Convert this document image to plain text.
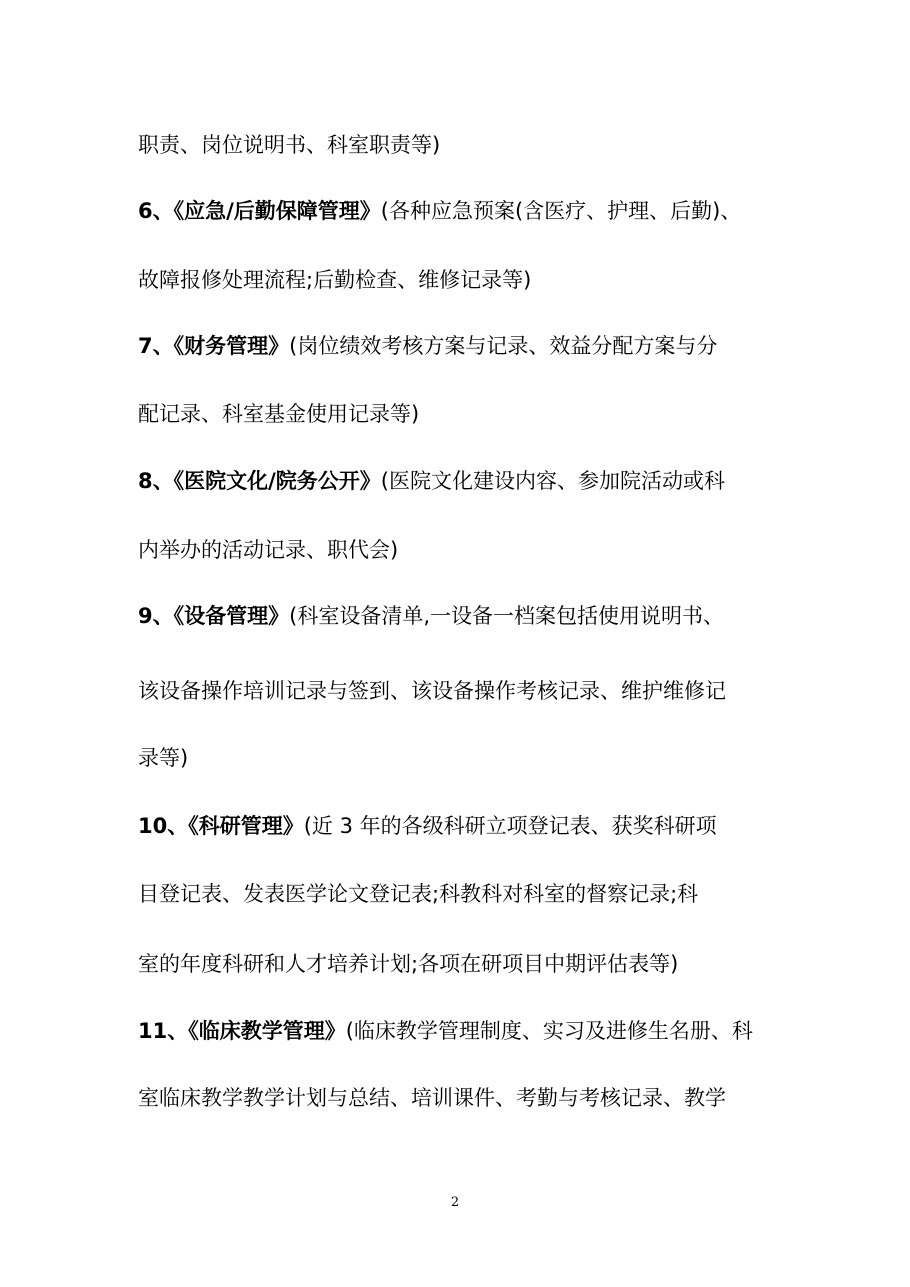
职责、岗位说明书、科室职责等)
6、《应急/后勤保障管理》(各种应急预案(含医疗、护理、后勤)、
故障报修处理流程;后勤检查、维修记录等)
7、《财务管理》(岗位绩效考核方案与记录、效益分配方案与分
配记录、科室基金使用记录等)
8、《医院文化/院务公开》(医院文化建设内容、参加院活动或科
内举办的活动记录、职代会)
9、《设备管理》(科室设备清单,一设备一档案包括使用说明书、
该设备操作培训记录与签到、该设备操作考核记录、维护维修记
录等)
10、《科研管理》(近 3 年的各级科研立项登记表、获奖科研项
目登记表、发表医学论文登记表;科教科对科室的督察记录;科
室的年度科研和人才培养计划;各项在研项目中期评估表等)
11、《临床教学管理》(临床教学管理制度、实习及进修生名册、科
室临床教学教学计划与总结、培训课件、考勤与考核记录、教学
2
